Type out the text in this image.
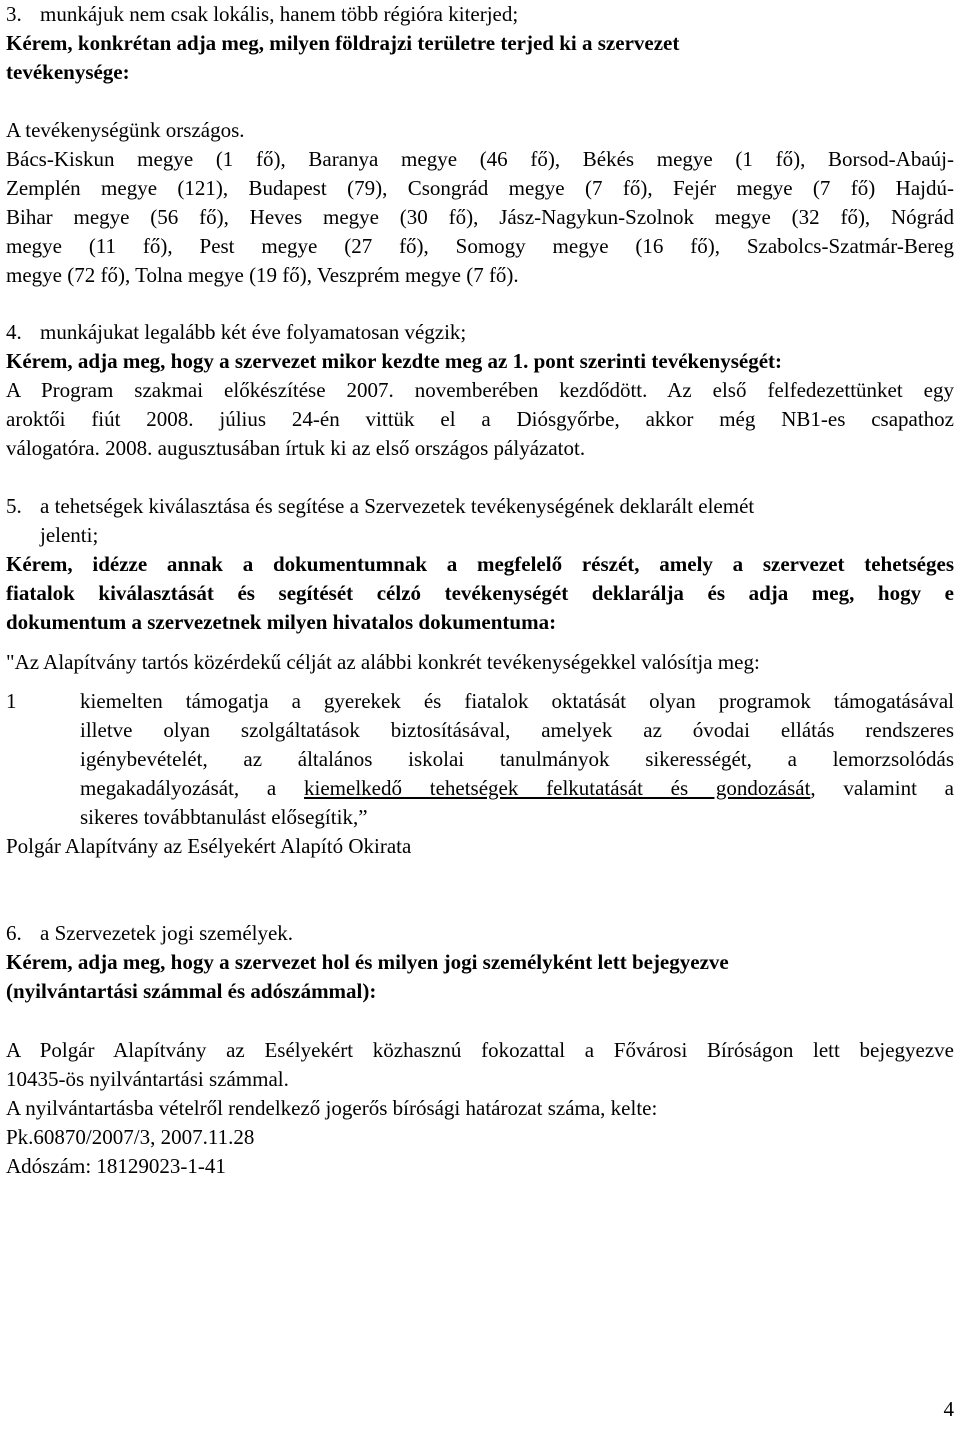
3. munkájuk nem csak lokális, hanem több régióra kiterjed;

Kérem, konkrétan adja meg, milyen földrajzi területre terjed ki a szervezet

tevékenysége:

A tevékenységünk országos.

Bács-Kiskun megye (1 fő), Baranya megye (46 fő), Békés megye (1 fő), Borsod-Abaúj-

Zemplén megye (121), Budapest (79), Csongrád megye (7 fő), Fejér megye (7 fő) Hajdú-

Bihar megye (56 fő), Heves megye (30 fő), Jász-Nagykun-Szolnok megye (32 fő), Nógrád

megye (11 fő), Pest megye (27 fő), Somogy megye (16 fő), Szabolcs-Szatmár-Bereg

megye (72 fő), Tolna megye (19 fő), Veszprém megye (7 fő).

4. munkájukat legalább két éve folyamatosan végzik;

Kérem, adja meg, hogy a szervezet mikor kezdte meg az 1. pont szerinti tevékenységét:

A Program szakmai előkészítése 2007. novemberében kezdődött. Az első felfedezettünket egy

aroktői fiút 2008. július 24-én vittük el a Diósgyőrbe, akkor még NB1-es csapathoz

válogatóra. 2008. augusztusában írtuk ki az első országos pályázatot.

5. a tehetségek kiválasztása és segítése a Szervezetek tevékenységének deklarált elemét

jelenti;

Kérem, idézze annak a dokumentumnak a megfelelő részét, amely a szervezet tehetséges

fiatalok kiválasztását és segítését célzó tevékenységét deklarálja és adja meg, hogy e

dokumentum a szervezetnek milyen hivatalos dokumentuma:

"Az Alapítvány tartós közérdekű célját az alábbi konkrét tevékenységekkel valósítja meg:

1	kiemelten támogatja a gyerekek és fiatalok oktatását olyan programok támogatásával

illetve olyan szolgáltatások biztosításával, amelyek az óvodai ellátás rendszeres

igénybevételét, az általános iskolai tanulmányok sikerességét, a lemorzsolódás

megakadályozását, a kiemelkedő tehetségek felkutatását és gondozását, valamint a

sikeres továbbtanulást elősegítik,”

Polgár Alapítvány az Esélyekért Alapító Okirata

6. a Szervezetek jogi személyek.

Kérem, adja meg, hogy a szervezet hol és milyen jogi személyként lett bejegyezve

(nyilvántartási számmal és adószámmal):

A Polgár Alapítvány az Esélyekért közhasznú fokozattal a Fővárosi Bíróságon lett bejegyezve

10435-ös nyilvántartási számmal.

A nyilvántartásba vételről rendelkező jogerős bírósági határozat száma, kelte:

Pk.60870/2007/3, 2007.11.28

Adószám: 18129023-1-41

4
